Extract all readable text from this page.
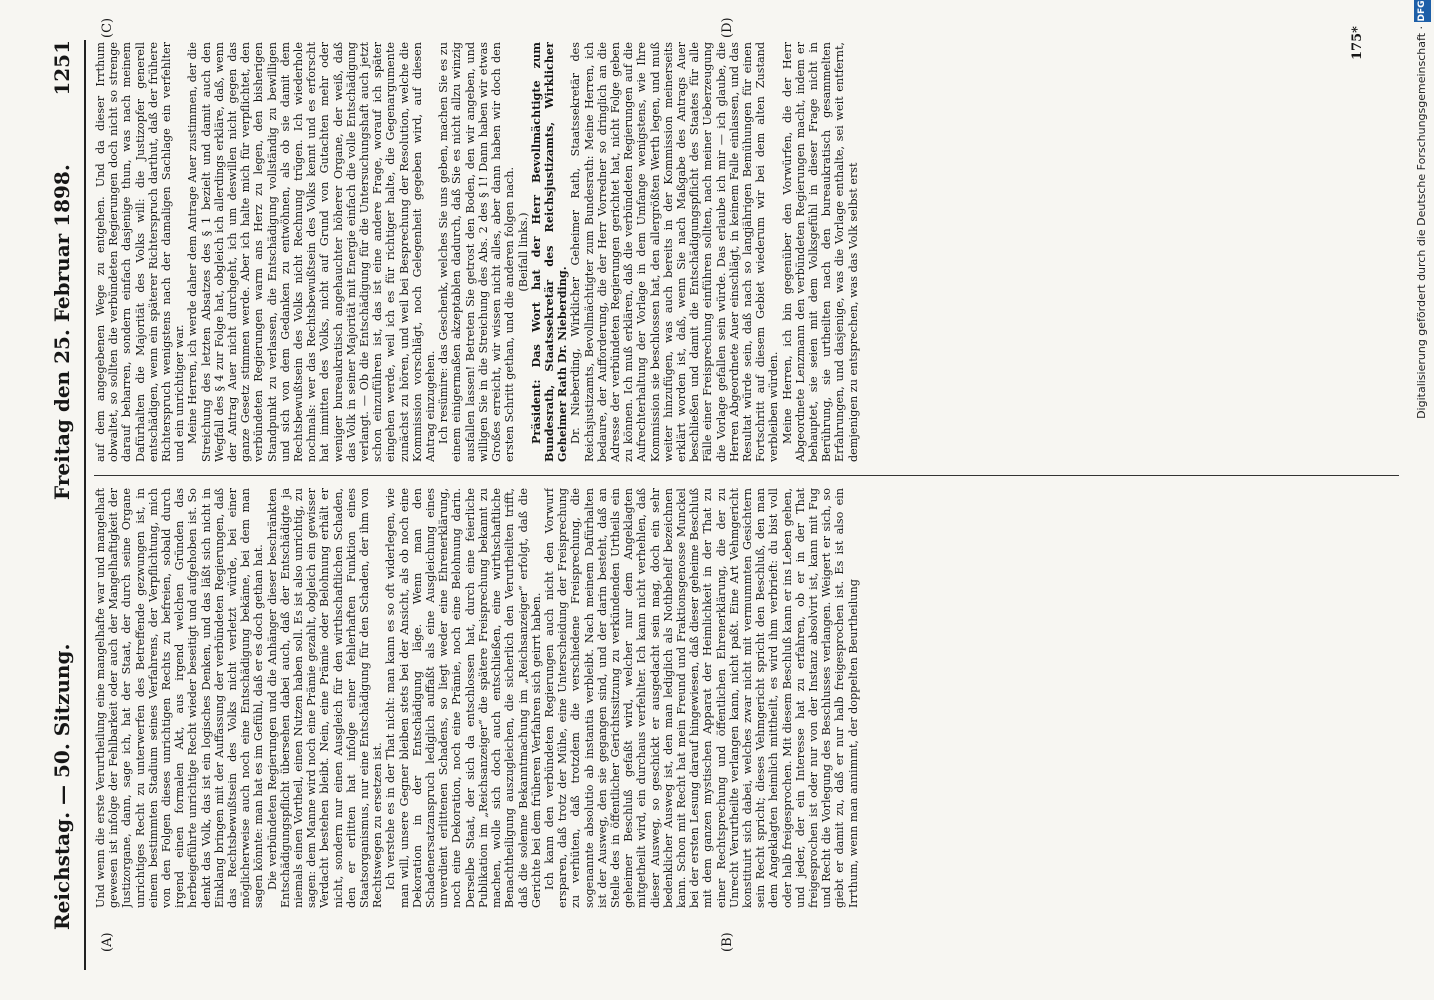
Reichstag. — 50. Sitzung.
Freitag den 25. Februar 1898.
1251
(A)	(B)
(C)	(D)

Und wenn die erste Verurtheilung eine mangelhafte war und mangelhaft gewesen ist infolge der Fehlbarkeit oder auch der Mangelhaftigkeit der Justizorgane, dann, sage ich, hat der Staat, der durch seine Organe unrichtiges Recht zu unterwerfen des Betreffende gezwungen ist, in einem bestimmten Stadium seines Verfahrens, der Verpflichtung, mich von den Folgen dieses unrichtigen Rechts zu befreien, sobald durch irgend einen formalen Akt, aus irgend welchen Gründen das herbeigeführte unrichtige Recht wieder beseitigt und aufgehoben ist. So denkt das Volk, das ist ein logisches Denken, und das läßt sich nicht in Einklang bringen mit der Auffassung der verbündeten Regierungen, daß das Rechtsbewußtsein des Volks nicht verletzt würde, bei einer möglicherweise auch noch eine Entschädigung bekäme, bei dem man sagen könnte: man hat es im Gefühl, daß er es doch gethan hat. Die verbündeten Regierungen und die Anhänger dieser beschränkten Entschädigungspflicht übersehen dabei auch, daß der Entschädigte ja niemals einen Vortheil, einen Nutzen haben soll. Es ist also unrichtig, zu sagen: dem Manne wird noch eine Prämie gezahlt, obgleich ein gewisser Verdacht bestehen bleibt. Nein, eine Prämie oder Belohnung erhält er nicht, sondern nur einen Ausgleich für den wirthschaftlichen Schaden, den er erlitten hat infolge einer fehlerhaften Funktion eines Staatsorganismus, nur eine Entschädigung für den Schaden, der ihm von Rechtswegen zu ersetzen ist. Ich verstehe es in der That nicht: man kann es so oft widerlegen, wie man will, unsere Gegner bleiben stets bei der Ansicht, als ob noch eine Dekoration in der Entschädigung läge. Wenn man den Schadenersatzanspruch lediglich auffaßt als eine Ausgleichung eines unverdient erlittenen Schadens, so liegt weder eine Ehrenerklärung, noch eine Dekoration, noch eine Prämie, noch eine Belohnung darin. Derselbe Staat, der sich da entschlossen hat, durch eine feierliche Publikation im „Reichsanzeiger“ die spätere Freisprechung bekannt zu machen, wolle sich doch auch entschließen, eine wirthschaftliche Benachtheiligung auszugleichen, die sicherlich den Verurtheilten trifft, daß die solenne Bekanntmachung im „Reichsanzeiger“ erfolgt, daß die Gerichte bei dem früheren Verfahren sich geirrt haben. Ich kann den verbündeten Regierungen auch nicht den Vorwurf ersparen, daß trotz der Mühe, eine Unterscheidung der Freisprechung zu verhüten, daß trotzdem die verschiedene Freisprechung, die sogenannte absolutio ab instantia verbleibt. Nach meinem Dafürhalten ist der Ausweg, den sie gegangen sind, und der darin besteht, daß an Stelle des in öffentlicher Gerichtssitzung zu verkündenden Urtheils ein geheimer Beschluß gefaßt wird, welcher nur dem Angeklagten mitgetheilt wird, ein durchaus verfehlter. Ich kann nicht verhehlen, daß dieser Ausweg, so geschickt er ausgedacht sein mag, doch ein sehr bedenklicher Ausweg ist, den man lediglich als Nothbehelf bezeichnen kann. Schon mit Recht hat mein Freund und Fraktionsgenosse Munckel bei der ersten Lesung darauf hingewiesen, daß dieser geheime Beschluß mit dem ganzen mystischen Apparat der Heimlichkeit in der That zu einer Rechtsprechung und öffentlichen Ehrenerklärung, die der zu Unrecht Verurtheilte verlangen kann, nicht paßt. Eine Art Vehmgericht konstituirt sich dabei, welches zwar nicht mit vermummten Gesichtern sein Recht spricht; dieses Vehmgericht spricht den Beschluß, den man dem Angeklagten heimlich mittheilt, es wird ihm verbrieft: du bist voll oder halb freigesprochen. Mit diesem Beschluß kann er ins Leben gehen, und jeder, der ein Interesse hat zu erfahren, ob er in der That freigesprochen ist oder nur von der Instanz absolvirt ist, kann mit Fug und Recht die Vorlegung des Beschlusses verlangen. Weigert er sich, so giebt er damit zu, daß er nur halb freigesprochen ist. Es ist also ein Irrthum, wenn man annimmt, der doppelten Beurtheilung

auf dem angegebenen Wege zu entgehen. Und da dieser Irrthum obwaltet, so sollten die verbündeten Regierungen doch nicht so strenge darauf beharren, sondern einfach dasjenige thun, was nach meinem Dafürhalten die Majorität des Volks will: die Justizopfer generell entschädigen, wenn ein späterer Richterspruch darthut, daß der frühere Richterspruch wenigstens nach der damaligen Sachlage ein verfehlter und ein unrichtiger war. Meine Herren, ich werde daher dem Antrage Auer zustimmen, der die Streichung des letzten Absatzes des § 1 bezielt und damit auch den Wegfall des § 4 zur Folge hat, obgleich ich allerdings erkläre, daß, wenn der Antrag Auer nicht durchgeht, ich um deswillen nicht gegen das ganze Gesetz stimmen werde. Aber ich halte mich für verpflichtet, den verbündeten Regierungen warm ans Herz zu legen, den bisherigen Standpunkt zu verlassen, die Entschädigung vollständig zu bewilligen und sich von dem Gedanken zu entwöhnen, als ob sie damit dem Rechtsbewußtsein des Volks nicht Rechnung trügen. Ich wiederhole nochmals: wer das Rechtsbewußtsein des Volks kennt und es erforscht hat inmitten des Volks, nicht auf Grund von Gutachten mehr oder weniger bureaukratisch angehauchter höherer Organe, der weiß, daß das Volk in seiner Majorität mit Energie einfach die volle Entschädigung verlangt. — Ob die Entschädigung für die Untersuchungshaft auch jetzt schon einzuführen ist, das ist eine andere Frage, worauf ich später eingehen werde, weil ich es für richtiger halte, die Gegenargumente zunächst zu hören, und weil bei Besprechung der Resolution, welche die Kommission vorschlägt, noch Gelegenheit gegeben wird, auf diesen Antrag einzugehen. Ich resümire: das Geschenk, welches Sie uns geben, machen Sie es zu einem einigermaßen akzeptablen dadurch, daß Sie es nicht allzu winzig ausfallen lassen! Betreten Sie getrost den Boden, den wir angeben, und willigen Sie in die Streichung des Abs. 2 des § 1! Dann haben wir etwas Großes erreicht, wir wissen nicht alles, aber dann haben wir doch den ersten Schritt gethan, und die anderen folgen nach. (Beifall links.) Präsident: Das Wort hat der Herr Bevollmächtigte zum Bundesrath, Staatssekretär des Reichsjustizamts, Wirklicher Geheimer Rath Dr. Nieberding. Dr. Nieberding, Wirklicher Geheimer Rath, Staatssekretär des Reichsjustizamts, Bevollmächtigter zum Bundesrath: Meine Herren, ich bedaure, der Aufforderung, die der Herr Vorredner so dringlich an die Adresse der verbündeten Regierungen gerichtet hat, nicht Folge geben zu können. Ich muß erklären, daß die verbündeten Regierungen auf die Aufrechterhaltung der Vorlage in dem Umfange wenigstens, wie Ihre Kommission sie beschlossen hat, den allergrößten Werth legen, und muß weiter hinzufügen, was auch bereits in der Kommission meinerseits erklärt worden ist, daß, wenn Sie nach Maßgabe des Antrags Auer beschließen und damit die Entschädigungspflicht des Staates für alle Fälle einer Freisprechung einführen sollten, nach meiner Ueberzeugung die Vorlage gefallen sein würde. Das erlaube ich mir — ich glaube, die Herren Abgeordnete Auer einschlägt, in keinem Falle einlassen, und das Resultat würde sein, daß nach so langjährigen Bemühungen für einen Fortschritt auf diesem Gebiet wiederum wir bei dem alten Zustand verbleiben würden. Meine Herren, ich bin gegenüber den Vorwürfen, die der Herr Abgeordnete Lenzmann den verbündeten Regierungen macht, indem er behauptet, sie seien mit dem Volksgefühl in dieser Frage nicht in Berührung, sie urtheilten nach den bureaukratisch gesammelten Erfahrungen, und dasjenige, was die Vorlage enthalte, sei weit entfernt, demjenigen zu entsprechen, was das Volk selbst erst

175*	Digitalisierung gefördert durch die Deutsche Forschungsgemeinschaft ·
DFG
